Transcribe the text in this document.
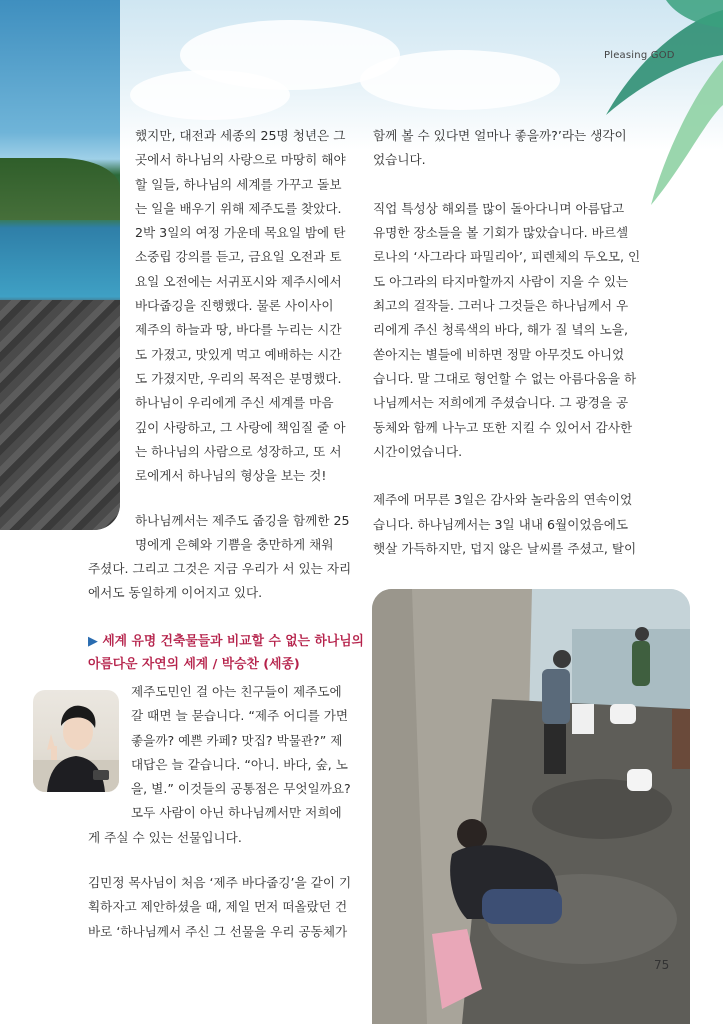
Pleasing GOD

했지만, 대전과 세종의 25명 청년은 그

곳에서 하나님의 사랑으로 마땅히 해야

할 일들, 하나님의 세계를 가꾸고 돌보

는 일을 배우기 위해 제주도를 찾았다.

2박 3일의 여정 가운데 목요일 밤에 탄

소중립 강의를 듣고, 금요일 오전과 토

요일 오전에는 서귀포시와 제주시에서

바다줍깅을 진행했다. 물론 사이사이

제주의 하늘과 땅, 바다를 누리는 시간

도 가졌고, 맛있게 먹고 예배하는 시간

도 가졌지만, 우리의 목적은 분명했다.

하나님이 우리에게 주신 세계를 마음

깊이 사랑하고, 그 사랑에 책임질 줄 아

는 하나님의 사람으로 성장하고, 또 서

로에게서 하나님의 형상을 보는 것!

하나님께서는 제주도 줍깅을 함께한 25

명에게 은혜와 기쁨을 충만하게 채워

주셨다. 그리고 그것은 지금 우리가 서 있는 자리

에서도 동일하게 이어지고 있다.

▶ 세계 유명 건축물들과 비교할 수 없는 하나님의

아름다운 자연의 세계 / 박승찬 (세종)

제주도민인 걸 아는 친구들이 제주도에

갈 때면 늘 묻습니다. “제주 어디를 가면

좋을까? 예쁜 카페? 맛집? 박물관?” 제

대답은 늘 같습니다. “아니. 바다, 숲, 노

을, 별.” 이것들의 공통점은 무엇일까요?

모두 사람이 아닌 하나님께서만 저희에

게 주실 수 있는 선물입니다.

김민정 목사님이 처음 ‘제주 바다줍깅’을 같이 기

획하자고 제안하셨을 때, 제일 먼저 떠올랐던 건

바로 ‘하나님께서 주신 그 선물을 우리 공동체가

함께 볼 수 있다면 얼마나 좋을까?’라는 생각이

었습니다.

직업 특성상 해외를 많이 돌아다니며 아름답고

유명한 장소들을 볼 기회가 많았습니다. 바르셀

로나의 ‘사그라다 파밀리아’, 피렌체의 두오모, 인

도 아그라의 타지마할까지 사람이 지을 수 있는

최고의 걸작들. 그러나 그것들은 하나님께서 우

리에게 주신 청록색의 바다, 해가 질 녘의 노을,

쏟아지는 별들에 비하면 정말 아무것도 아니었

습니다. 말 그대로 형언할 수 없는 아름다움을 하

나님께서는 저희에게 주셨습니다. 그 광경을 공

동체와 함께 나누고 또한 지킬 수 있어서 감사한

시간이었습니다.

제주에 머무른 3일은 감사와 놀라움의 연속이었

습니다. 하나님께서는 3일 내내 6월이었음에도

햇살 가득하지만, 덥지 않은 날씨를 주셨고, 탈이

75
